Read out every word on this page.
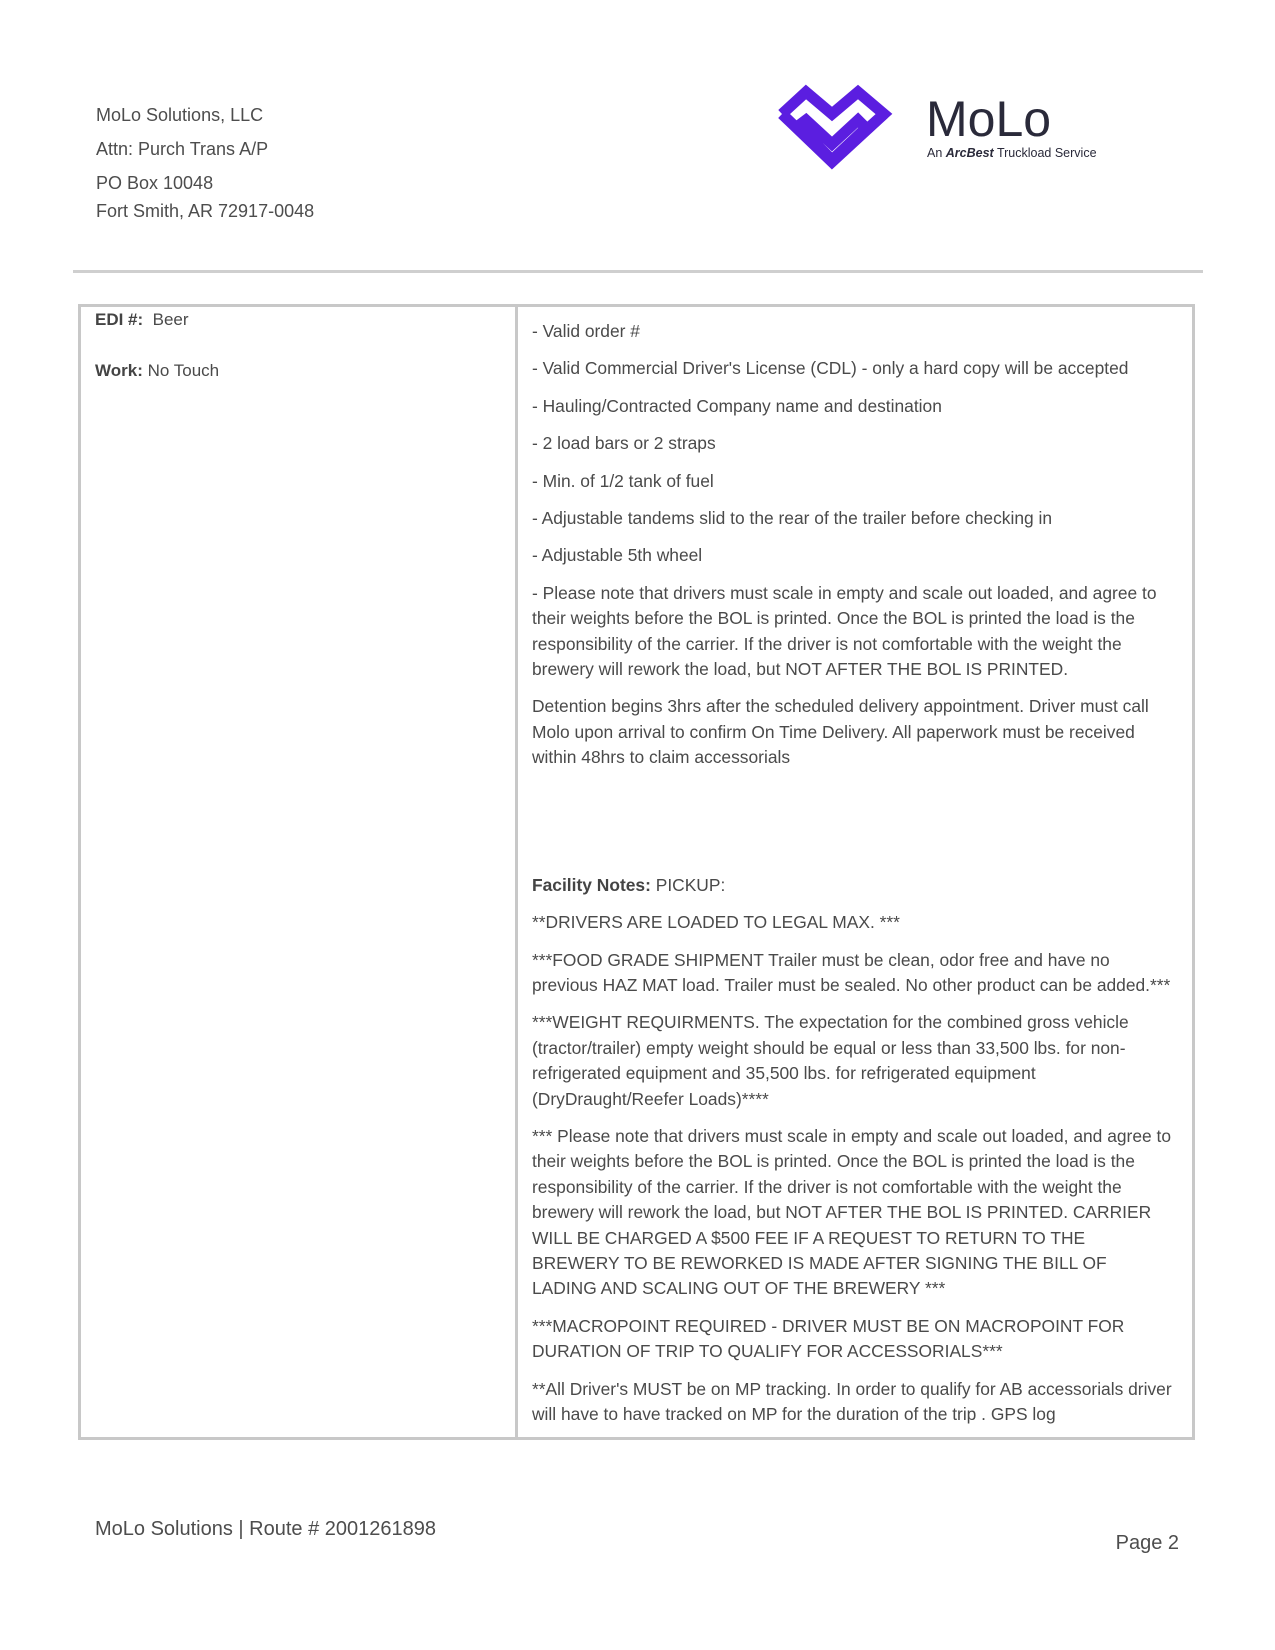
MoLo Solutions, LLC
Attn: Purch Trans A/P
PO Box 10048
Fort Smith, AR 72917-0048
MoLo
An ArcBest Truckload Service
EDI #: Beer
Work: No Touch

- Valid order #

- Valid Commercial Driver's License (CDL) - only a hard copy will be accepted

- Hauling/Contracted Company name and destination

- 2 load bars or 2 straps

- Min. of 1/2 tank of fuel

- Adjustable tandems slid to the rear of the trailer before checking in

- Adjustable 5th wheel

- Please note that drivers must scale in empty and scale out loaded, and agree to their weights before the BOL is printed. Once the BOL is printed the load is the responsibility of the carrier. If the driver is not comfortable with the weight the brewery will rework the load, but NOT AFTER THE BOL IS PRINTED.

Detention begins 3hrs after the scheduled delivery appointment. Driver must call Molo upon arrival to confirm On Time Delivery. All paperwork must be received within 48hrs to claim accessorials

Facility Notes: PICKUP:

**DRIVERS ARE LOADED TO LEGAL MAX. ***

***FOOD GRADE SHIPMENT Trailer must be clean, odor free and have no previous HAZ MAT load. Trailer must be sealed. No other product can be added.***

***WEIGHT REQUIRMENTS. The expectation for the combined gross vehicle (tractor/trailer) empty weight should be equal or less than 33,500 lbs. for non-refrigerated equipment and 35,500 lbs. for refrigerated equipment (DryDraught/Reefer Loads)****

*** Please note that drivers must scale in empty and scale out loaded, and agree to their weights before the BOL is printed. Once the BOL is printed the load is the responsibility of the carrier. If the driver is not comfortable with the weight the brewery will rework the load, but NOT AFTER THE BOL IS PRINTED. CARRIER WILL BE CHARGED A $500 FEE IF A REQUEST TO RETURN TO THE BREWERY TO BE REWORKED IS MADE AFTER SIGNING THE BILL OF LADING AND SCALING OUT OF THE BREWERY ***

***MACROPOINT REQUIRED - DRIVER MUST BE ON MACROPOINT FOR DURATION OF TRIP TO QUALIFY FOR ACCESSORIALS***

**All Driver's MUST be on MP tracking. In order to qualify for AB accessorials driver will have to have tracked on MP for the duration of the trip . GPS log

MoLo Solutions | Route # 2001261898
Page 2
